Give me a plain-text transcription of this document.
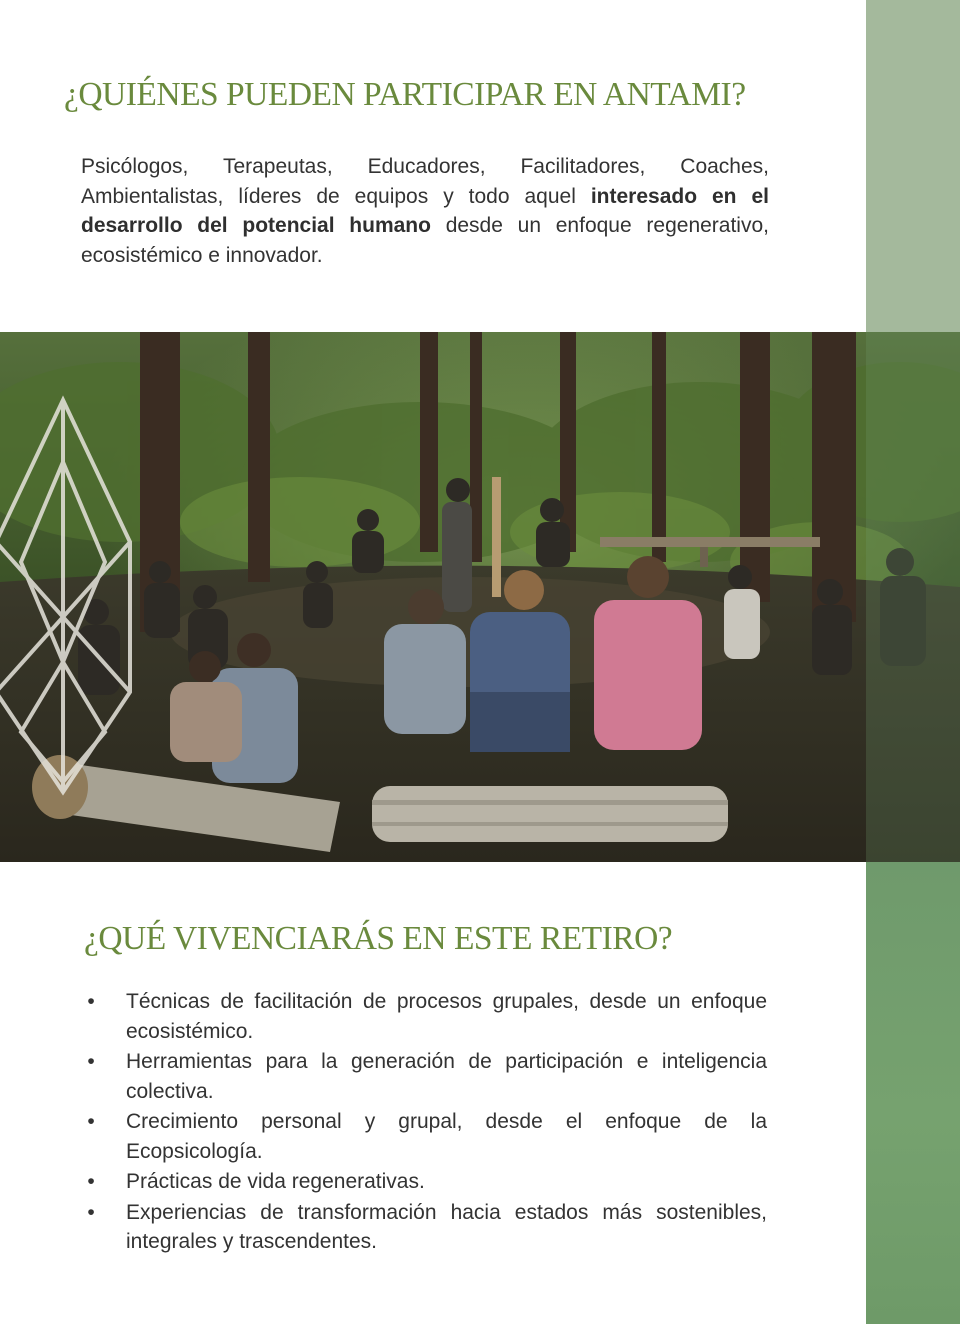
¿QUIÉNES PUEDEN PARTICIPAR EN ANTAMI?

Psicólogos, Terapeutas, Educadores, Facilitadores, Coaches, Ambientalistas, líderes de equipos y todo aquel interesado en el desarrollo del potencial humano desde un enfoque regenerativo, ecosistémico e innovador.

¿QUÉ VIVENCIARÁS EN ESTE RETIRO?
• Técnicas de facilitación de procesos grupales, desde un enfoque ecosistémico.
• Herramientas para la generación de participación e inteligencia colectiva.
• Crecimiento personal y grupal, desde el enfoque de la Ecopsicología.
• Prácticas de vida regenerativas.
• Experiencias de transformación hacia estados más sostenibles, integrales y trascendentes.
